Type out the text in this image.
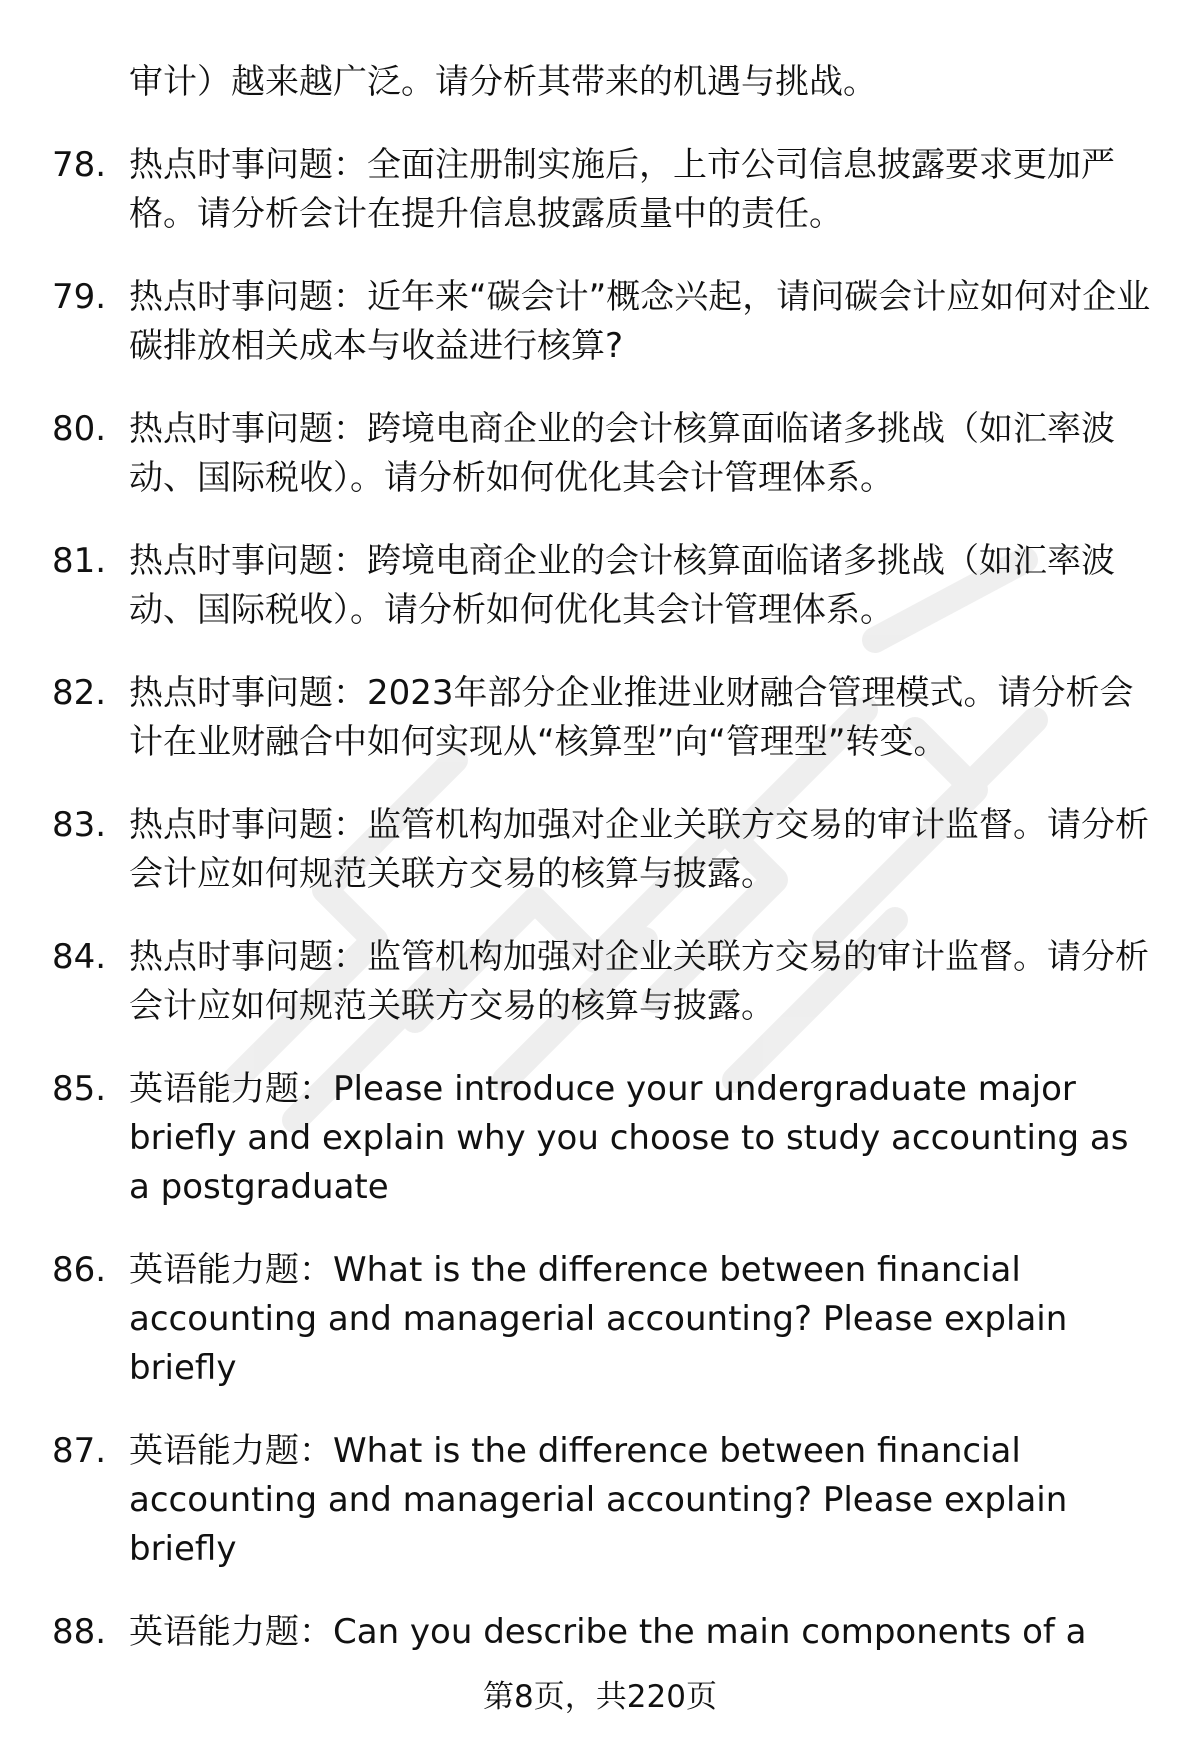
审计）越来越广泛。请分析其带来的机遇与挑战。
78. 热点时事问题：全面注册制实施后，上市公司信息披露要求更加严格。请分析会计在提升信息披露质量中的责任。
79. 热点时事问题：近年来“碳会计”概念兴起，请问碳会计应如何对企业碳排放相关成本与收益进行核算?
80. 热点时事问题：跨境电商企业的会计核算面临诸多挑战（如汇率波动、国际税收）。请分析如何优化其会计管理体系。
81. 热点时事问题：跨境电商企业的会计核算面临诸多挑战（如汇率波动、国际税收）。请分析如何优化其会计管理体系。
82. 热点时事问题：2023年部分企业推进业财融合管理模式。请分析会计在业财融合中如何实现从“核算型”向“管理型”转变。
83. 热点时事问题：监管机构加强对企业关联方交易的审计监督。请分析会计应如何规范关联方交易的核算与披露。
84. 热点时事问题：监管机构加强对企业关联方交易的审计监督。请分析会计应如何规范关联方交易的核算与披露。
85. 英语能力题：Please introduce your undergraduate major briefly and explain why you choose to study accounting as a postgraduate
86. 英语能力题：What is the difference between financial accounting and managerial accounting? Please explain briefly
87. 英语能力题：What is the difference between financial accounting and managerial accounting? Please explain briefly
88. 英语能力题：Can you describe the main components of a
第8页，共220页
